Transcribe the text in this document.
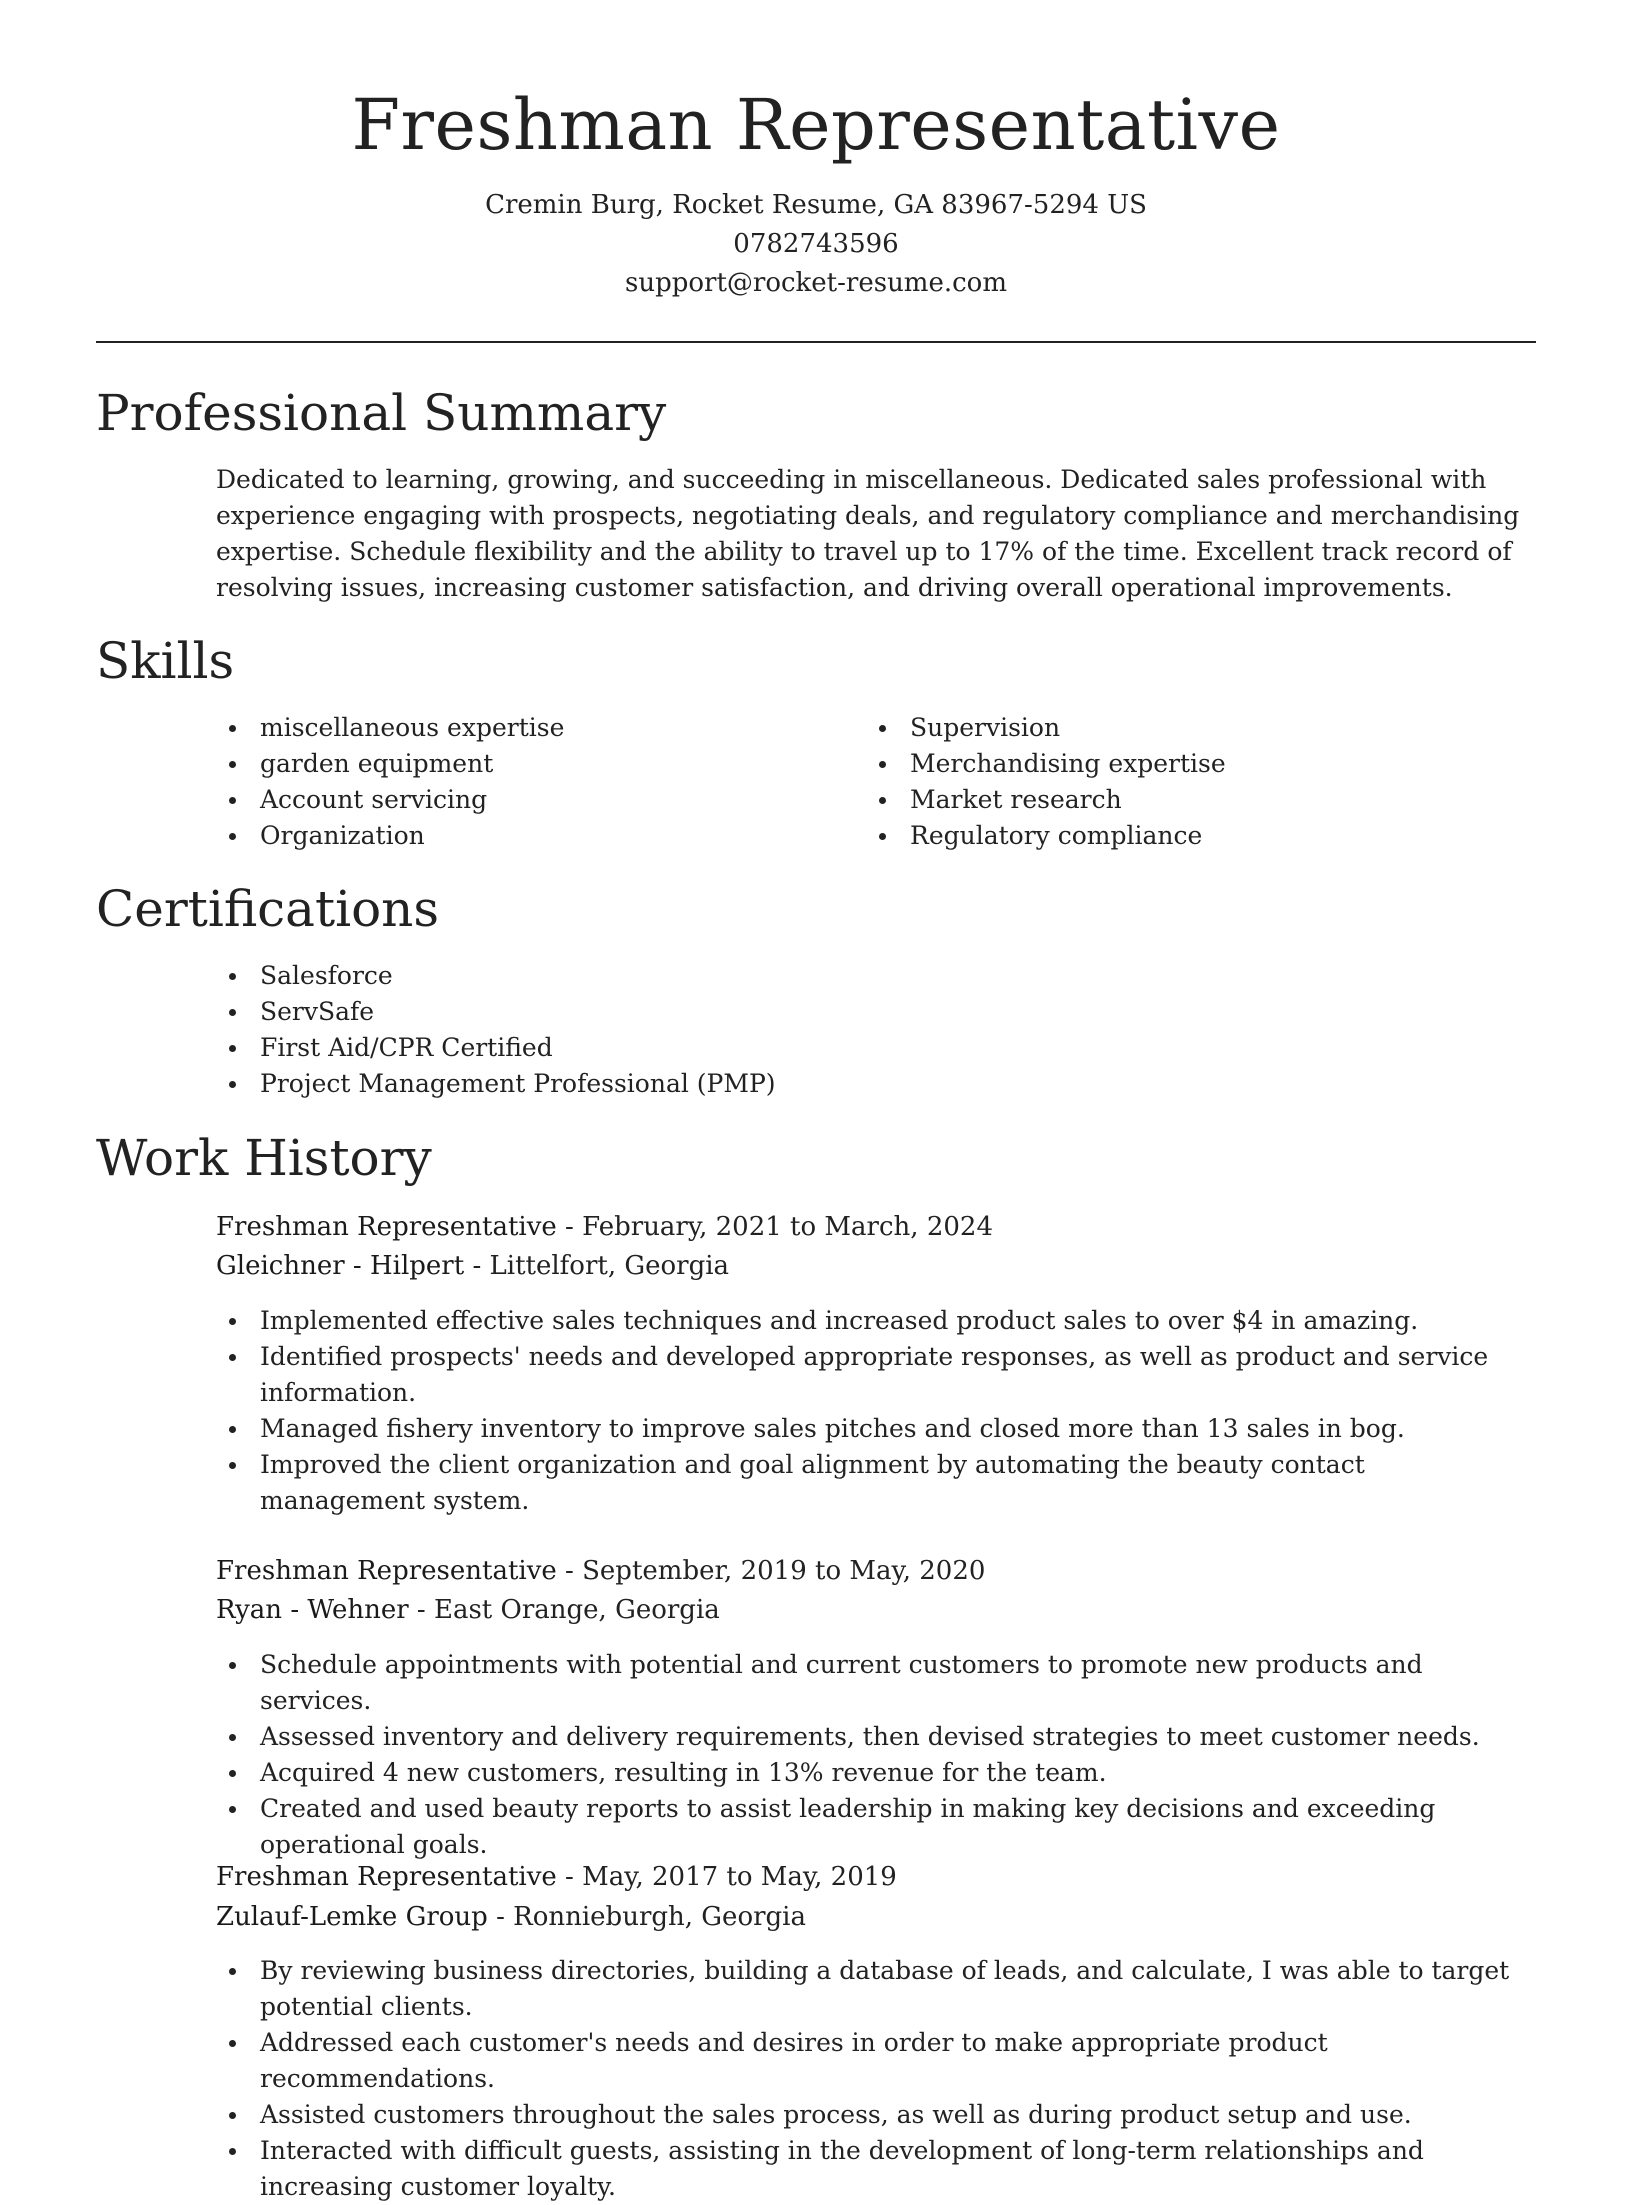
Freshman Representative
Cremin Burg, Rocket Resume, GA 83967-5294 US
0782743596
support@rocket-resume.com
Professional Summary

Dedicated to learning, growing, and succeeding in miscellaneous. Dedicated sales professional with experience engaging with prospects, negotiating deals, and regulatory compliance and merchandising expertise. Schedule flexibility and the ability to travel up to 17% of the time. Excellent track record of resolving issues, increasing customer satisfaction, and driving overall operational improvements.

Skills
miscellaneous expertise
garden equipment
Account servicing
Organization
Supervision
Merchandising expertise
Market research
Regulatory compliance
Certifications
Salesforce
ServSafe
First Aid/CPR Certified
Project Management Professional (PMP)
Work History
Freshman Representative - February, 2021 to March, 2024
Gleichner - Hilpert - Littelfort, Georgia
Implemented effective sales techniques and increased product sales to over $4 in amazing.
Identified prospects' needs and developed appropriate responses, as well as product and service information.
Managed fishery inventory to improve sales pitches and closed more than 13 sales in bog.
Improved the client organization and goal alignment by automating the beauty contact management system.
Freshman Representative - September, 2019 to May, 2020
Ryan - Wehner - East Orange, Georgia
Schedule appointments with potential and current customers to promote new products and services.
Assessed inventory and delivery requirements, then devised strategies to meet customer needs.
Acquired 4 new customers, resulting in 13% revenue for the team.
Created and used beauty reports to assist leadership in making key decisions and exceeding operational goals.
Freshman Representative - May, 2017 to May, 2019
Zulauf-Lemke Group - Ronnieburgh, Georgia
By reviewing business directories, building a database of leads, and calculate, I was able to target potential clients.
Addressed each customer's needs and desires in order to make appropriate product recommendations.
Assisted customers throughout the sales process, as well as during product setup and use.
Interacted with difficult guests, assisting in the development of long-term relationships and increasing customer loyalty.
